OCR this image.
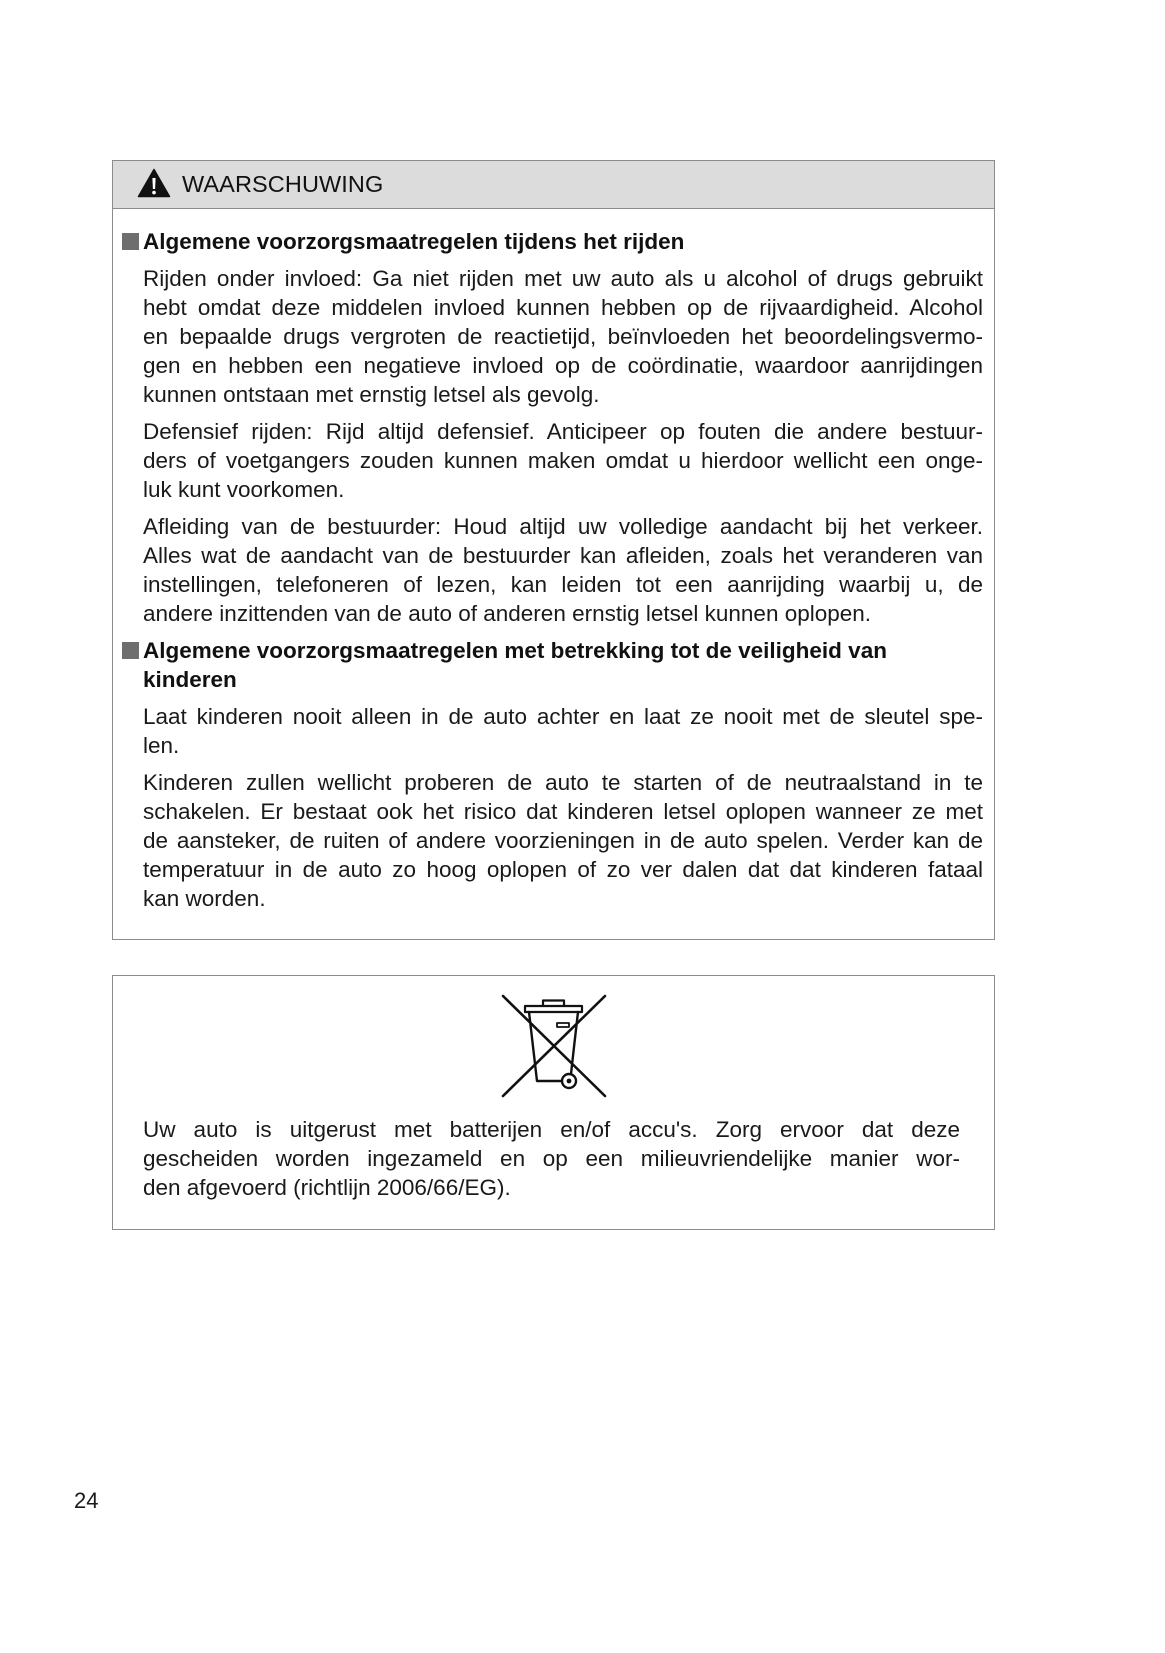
WAARSCHUWING
Algemene voorzorgsmaatregelen tijdens het rijden
Rijden onder invloed: Ga niet rijden met uw auto als u alcohol of drugs gebruikt
hebt omdat deze middelen invloed kunnen hebben op de rijvaardigheid. Alcohol
en bepaalde drugs vergroten de reactietijd, beïnvloeden het beoordelingsvermo-
gen en hebben een negatieve invloed op de coördinatie, waardoor aanrijdingen
kunnen ontstaan met ernstig letsel als gevolg.
Defensief rijden: Rijd altijd defensief. Anticipeer op fouten die andere bestuur-
ders of voetgangers zouden kunnen maken omdat u hierdoor wellicht een onge-
luk kunt voorkomen.
Afleiding van de bestuurder: Houd altijd uw volledige aandacht bij het verkeer.
Alles wat de aandacht van de bestuurder kan afleiden, zoals het veranderen van
instellingen, telefoneren of lezen, kan leiden tot een aanrijding waarbij u, de
andere inzittenden van de auto of anderen ernstig letsel kunnen oplopen.
Algemene voorzorgsmaatregelen met betrekking tot de veiligheid van
kinderen
Laat kinderen nooit alleen in de auto achter en laat ze nooit met de sleutel spe-
len.
Kinderen zullen wellicht proberen de auto te starten of de neutraalstand in te
schakelen. Er bestaat ook het risico dat kinderen letsel oplopen wanneer ze met
de aansteker, de ruiten of andere voorzieningen in de auto spelen. Verder kan de
temperatuur in de auto zo hoog oplopen of zo ver dalen dat dat kinderen fataal
kan worden.
Uw auto is uitgerust met batterijen en/of accu's. Zorg ervoor dat deze
gescheiden worden ingezameld en op een milieuvriendelijke manier wor-
den afgevoerd (richtlijn 2006/66/EG).
24
